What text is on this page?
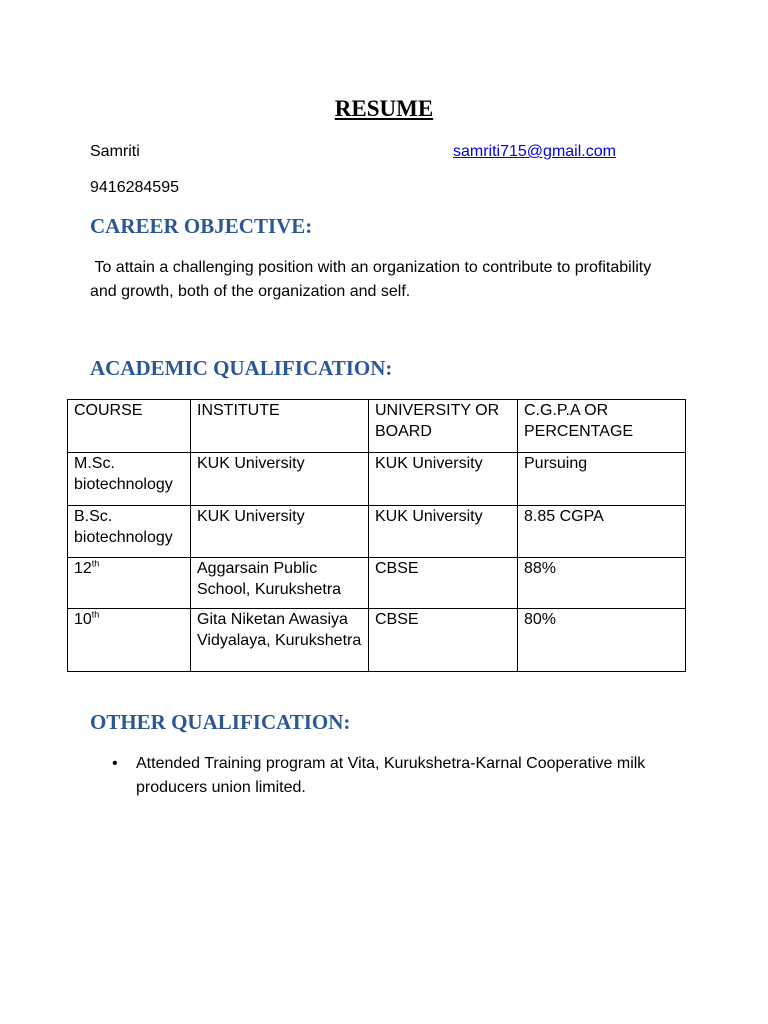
RESUME
Samriti	samriti715@gmail.com
9416284595
CAREER OBJECTIVE:
To attain a challenging position with an organization to contribute to profitability and growth, both of the organization and self.
ACADEMIC QUALIFICATION:
COURSE	INSTITUTE	UNIVERSITY OR BOARD	C.G.P.A OR PERCENTAGE
M.Sc. biotechnology	KUK University	KUK University	Pursuing
B.Sc. biotechnology	KUK University	KUK University	8.85 CGPA
12th	Aggarsain Public School, Kurukshetra	CBSE	88%
10th	Gita Niketan Awasiya Vidyalaya, Kurukshetra	CBSE	80%
OTHER QUALIFICATION:
• Attended Training program at Vita, Kurukshetra-Karnal Cooperative milk producers union limited.
